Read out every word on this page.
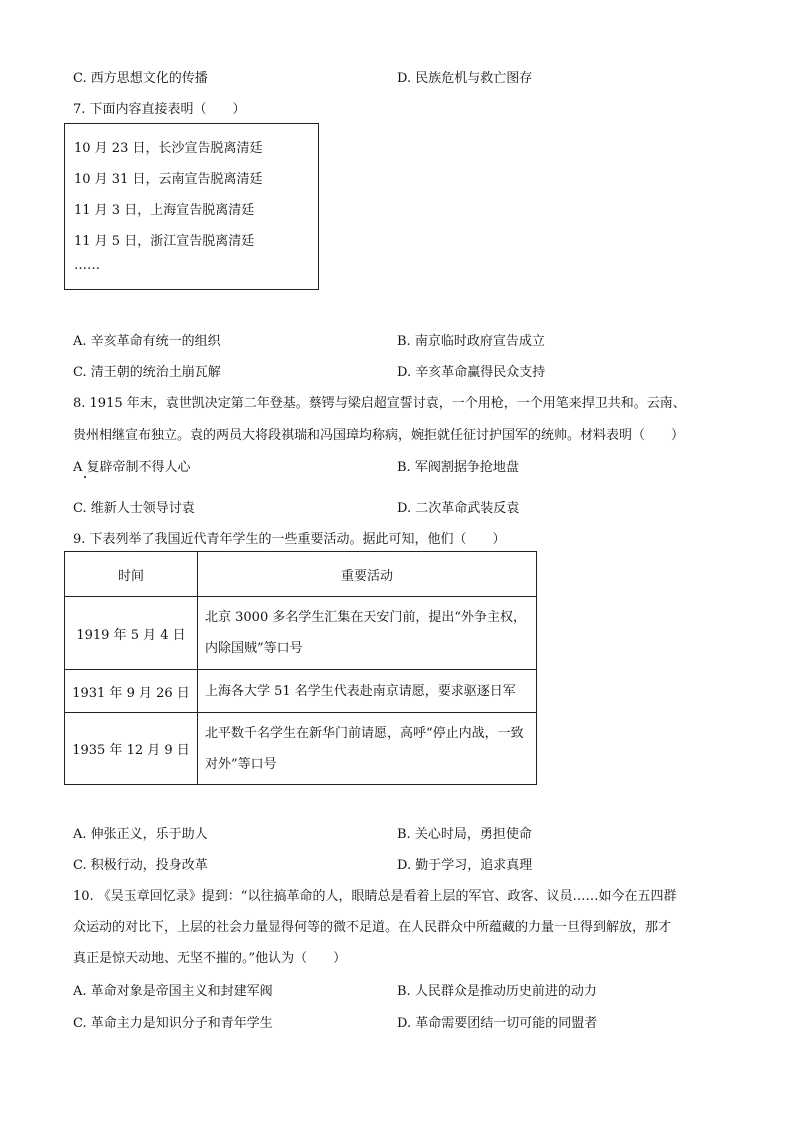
C. 西方思想文化的传播	D. 民族危机与救亡图存
7. 下面内容直接表明（　　）
10 月 23 日，长沙宣告脱离清廷
10 月 31 日，云南宣告脱离清廷
11 月 3 日，上海宣告脱离清廷
11 月 5 日，浙江宣告脱离清廷
……
A. 辛亥革命有统一的组织	B. 南京临时政府宣告成立
C. 清王朝的统治土崩瓦解	D. 辛亥革命赢得民众支持
8. 1915 年末，袁世凯决定第二年登基。蔡锷与梁启超宣誓讨袁，一个用枪，一个用笔来捍卫共和。云南、
贵州相继宣布独立。袁的两员大将段祺瑞和冯国璋均称病，婉拒就任征讨护国军的统帅。材料表明（　　）
A 复辟帝制不得人心	B. 军阀割据争抢地盘
C. 维新人士领导讨袁	D. 二次革命武装反袁
9. 下表列举了我国近代青年学生的一些重要活动。据此可知，他们（　　）
时间	重要活动
1919 年 5 月 4 日	北京 3000 多名学生汇集在天安门前，提出“外争主权，内除国贼”等口号
1931 年 9 月 26 日	上海各大学 51 名学生代表赴南京请愿，要求驱逐日军
1935 年 12 月 9 日	北平数千名学生在新华门前请愿，高呼“停止内战，一致对外”等口号
A. 伸张正义，乐于助人	B. 关心时局，勇担使命
C. 积极行动，投身改革	D. 勤于学习，追求真理
10. 《吴玉章回忆录》提到：“以往搞革命的人，眼睛总是看着上层的军官、政客、议员……如今在五四群
众运动的对比下，上层的社会力量显得何等的微不足道。在人民群众中所蕴藏的力量一旦得到解放，那才
真正是惊天动地、无坚不摧的。”他认为（　　）
A. 革命对象是帝国主义和封建军阀	B. 人民群众是推动历史前进的动力
C. 革命主力是知识分子和青年学生	D. 革命需要团结一切可能的同盟者
